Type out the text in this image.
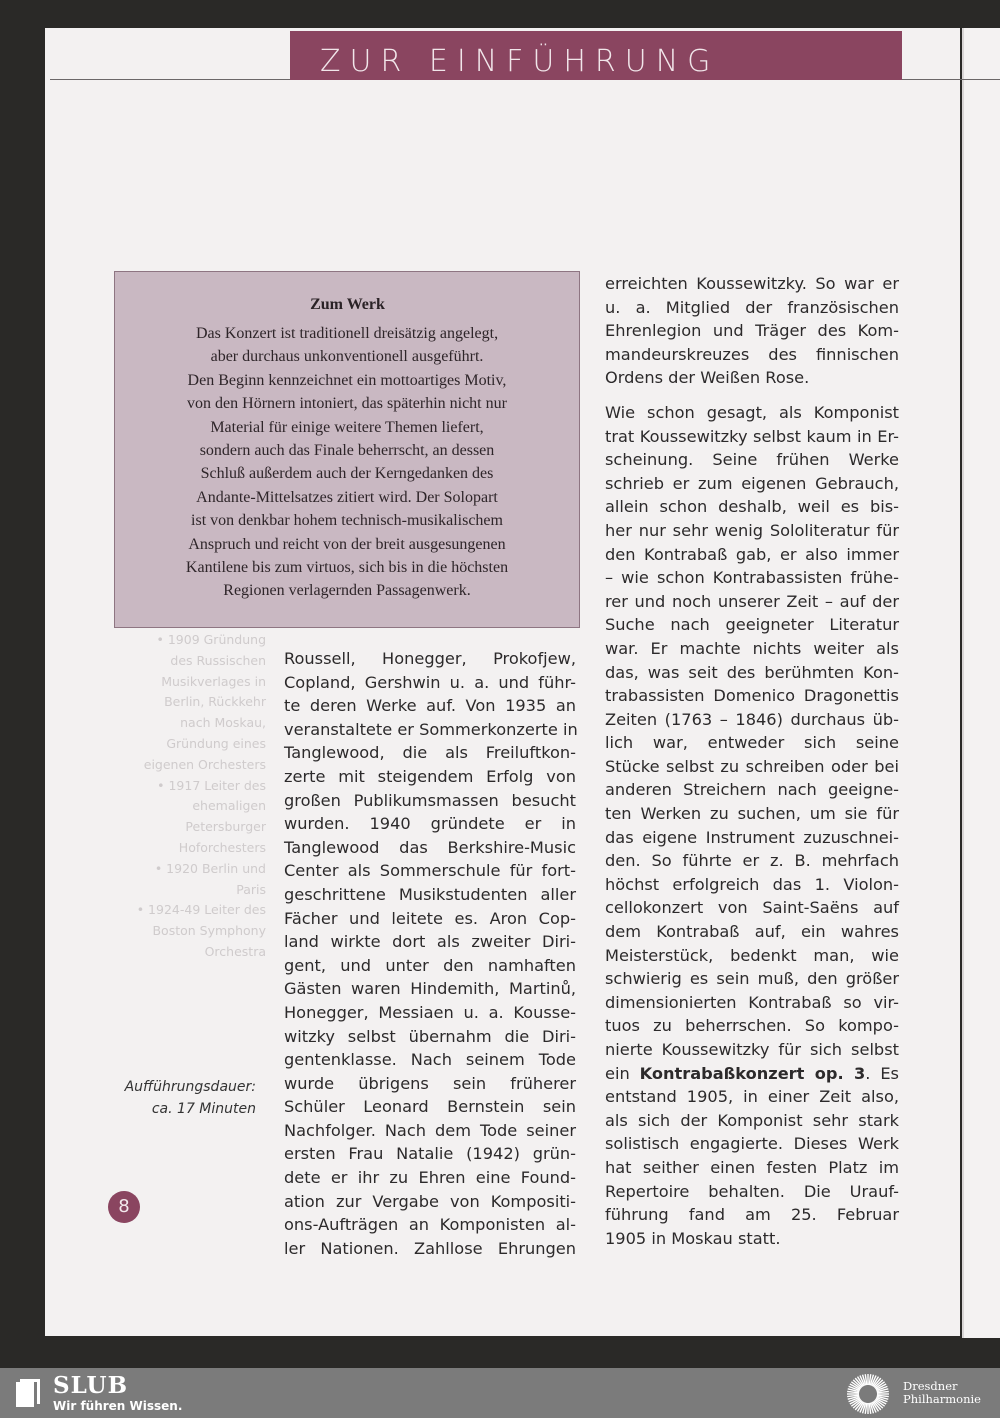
ZUR EINFÜHRUNG
• 1909 Gründung
des Russischen
Musikverlages in
Berlin, Rückkehr
nach Moskau,
Gründung eines
eigenen Orchesters
• 1917 Leiter des
ehemaligen
Petersburger
Hoforchesters
• 1920 Berlin und
Paris
• 1924-49 Leiter des
Boston Symphony
Orchestra
Zum Werk
Das Konzert ist traditionell dreisätzig angelegt,
aber durchaus unkonventionell ausgeführt.
Den Beginn kennzeichnet ein mottoartiges Motiv,
von den Hörnern intoniert, das späterhin nicht nur
Material für einige weitere Themen liefert,
sondern auch das Finale beherrscht, an dessen
Schluß außerdem auch der Kerngedanken des
Andante-Mittelsatzes zitiert wird. Der Solopart
ist von denkbar hohem technisch-musikalischem
Anspruch und reicht von der breit ausgesungenen
Kantilene bis zum virtuos, sich bis in die höchsten
Regionen verlagernden Passagenwerk.
Roussell, Honegger, Prokofjew,
Copland, Gershwin u. a. und führ-
te deren Werke auf. Von 1935 an
veranstaltete er Sommerkonzerte in
Tanglewood, die als Freiluftkon-
zerte mit steigendem Erfolg von
großen Publikumsmassen besucht
wurden. 1940 gründete er in
Tanglewood das Berkshire-Music
Center als Sommerschule für fort-
geschrittene Musikstudenten aller
Fächer und leitete es. Aron Cop-
land wirkte dort als zweiter Diri-
gent, und unter den namhaften
Gästen waren Hindemith, Martinů,
Honegger, Messiaen u. a. Kousse-
witzky selbst übernahm die Diri-
gentenklasse. Nach seinem Tode
wurde übrigens sein früherer
Schüler Leonard Bernstein sein
Nachfolger. Nach dem Tode seiner
ersten Frau Natalie (1942) grün-
dete er ihr zu Ehren eine Found-
ation zur Vergabe von Kompositi-
ons-Aufträgen an Komponisten al-
ler Nationen. Zahllose Ehrungen
erreichten Koussewitzky. So war er
u. a. Mitglied der französischen
Ehrenlegion und Träger des Kom-
mandeurskreuzes des finnischen
Ordens der Weißen Rose.
Wie schon gesagt, als Komponist
trat Koussewitzky selbst kaum in Er-
scheinung. Seine frühen Werke
schrieb er zum eigenen Gebrauch,
allein schon deshalb, weil es bis-
her nur sehr wenig Sololiteratur für
den Kontrabaß gab, er also immer
– wie schon Kontrabassisten frühe-
rer und noch unserer Zeit – auf der
Suche nach geeigneter Literatur
war. Er machte nichts weiter als
das, was seit des berühmten Kon-
trabassisten Domenico Dragonettis
Zeiten (1763 – 1846) durchaus üb-
lich war, entweder sich seine
Stücke selbst zu schreiben oder bei
anderen Streichern nach geeigne-
ten Werken zu suchen, um sie für
das eigene Instrument zuzuschnei-
den. So führte er z. B. mehrfach
höchst erfolgreich das 1. Violon-
cellokonzert von Saint-Saëns auf
dem Kontrabaß auf, ein wahres
Meisterstück, bedenkt man, wie
schwierig es sein muß, den größer
dimensionierten Kontrabaß so vir-
tuos zu beherrschen. So kompo-
nierte Koussewitzky für sich selbst
ein Kontrabaßkonzert op. 3. Es
entstand 1905, in einer Zeit also,
als sich der Komponist sehr stark
solistisch engagierte. Dieses Werk
hat seither einen festen Platz im
Repertoire behalten. Die Urauf-
führung fand am 25. Februar
1905 in Moskau statt.
Aufführungsdauer:
ca. 17 Minuten
8
SLUB
Wir führen Wissen.
Dresdner
Philharmonie
